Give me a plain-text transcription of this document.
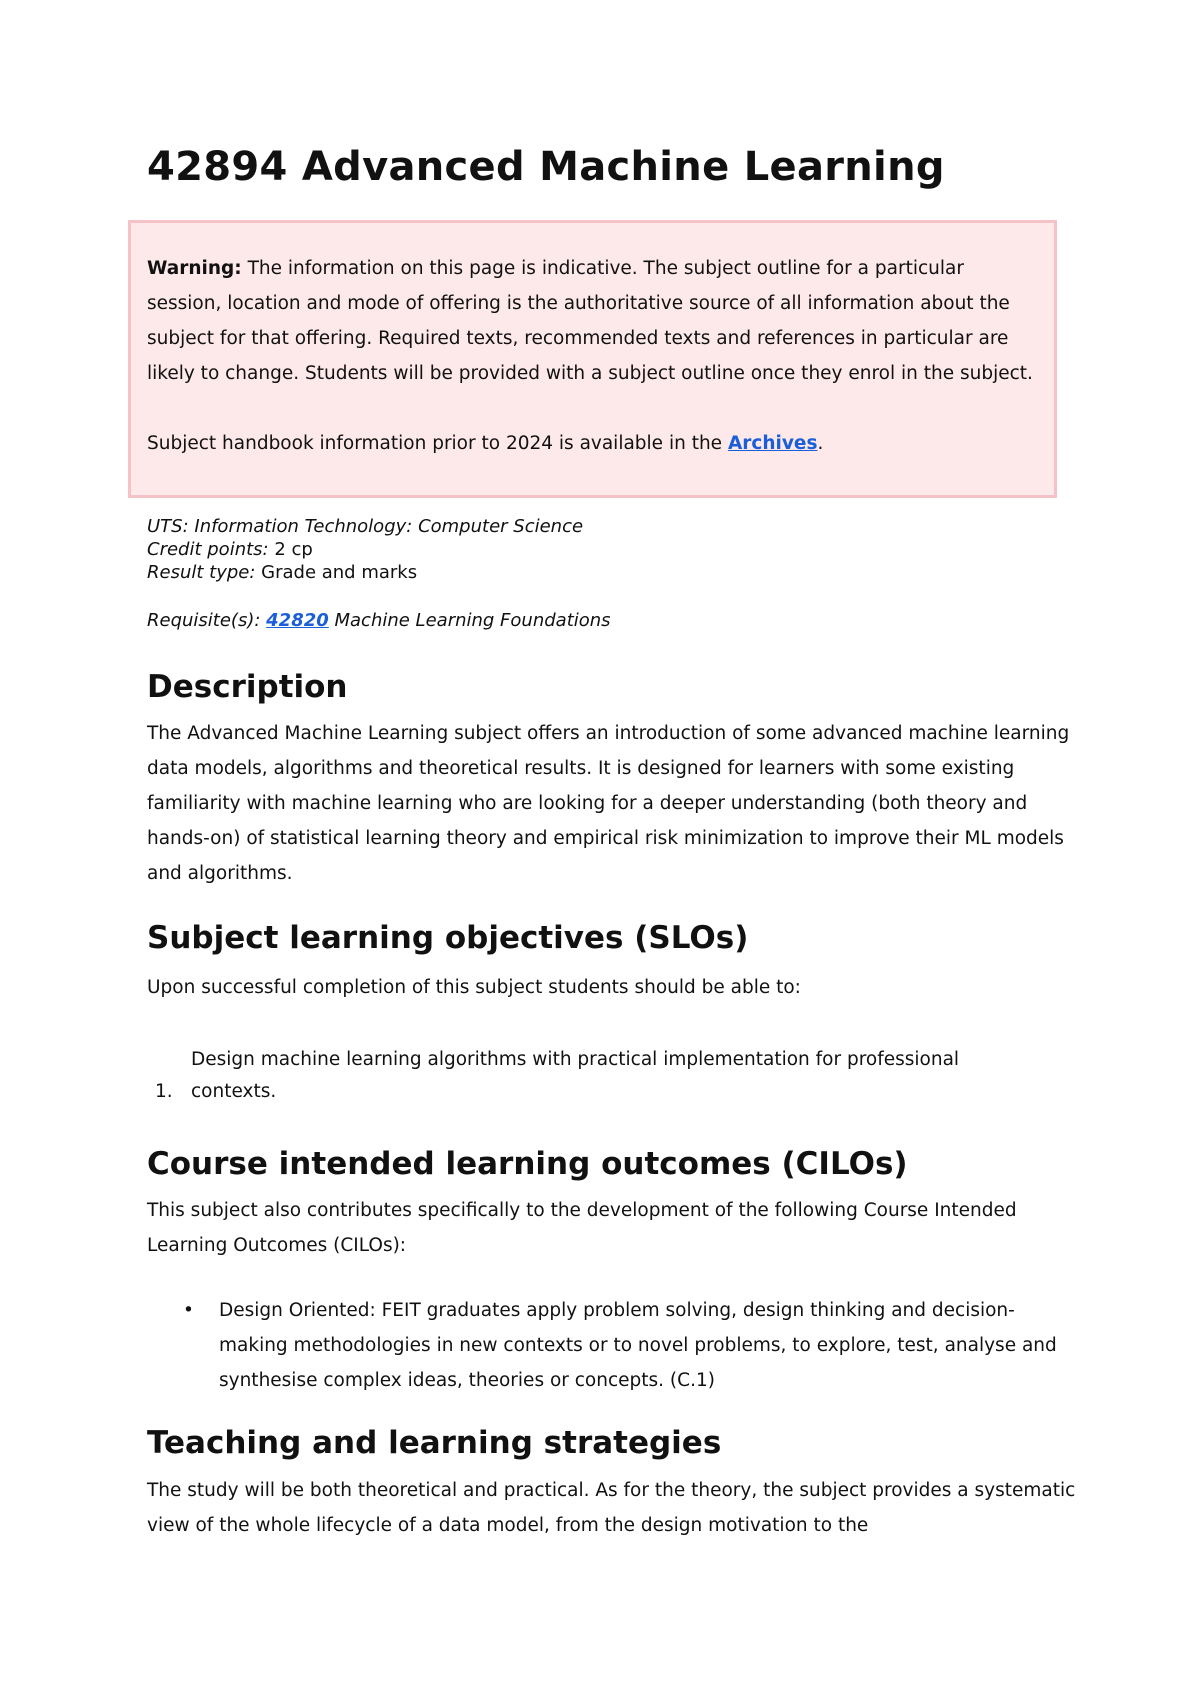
42894 Advanced Machine Learning

Warning: The information on this page is indicative. The subject outline for a particular session, location and mode of offering is the authoritative source of all information about the subject for that offering. Required texts, recommended texts and references in particular are likely to change. Students will be provided with a subject outline once they enrol in the subject.

Subject handbook information prior to 2024 is available in the Archives.

UTS: Information Technology: Computer Science
Credit points: 2 cp
Result type: Grade and marks
Requisite(s): 42820 Machine Learning Foundations
Description

The Advanced Machine Learning subject offers an introduction of some advanced machine learning data models, algorithms and theoretical results. It is designed for learners with some existing familiarity with machine learning who are looking for a deeper understanding (both theory and hands-on) of statistical learning theory and empirical risk minimization to improve their ML models and algorithms.

Subject learning objectives (SLOs)

Upon successful completion of this subject students should be able to:

1.
Design machine learning algorithms with practical implementation for professional contexts.
Course intended learning outcomes (CILOs)

This subject also contributes specifically to the development of the following Course Intended Learning Outcomes (CILOs):

• Design Oriented: FEIT graduates apply problem solving, design thinking and decision-making methodologies in new contexts or to novel problems, to explore, test, analyse and synthesise complex ideas, theories or concepts. (C.1)
Teaching and learning strategies

The study will be both theoretical and practical. As for the theory, the subject provides a systematic view of the whole lifecycle of a data model, from the design motivation to the
